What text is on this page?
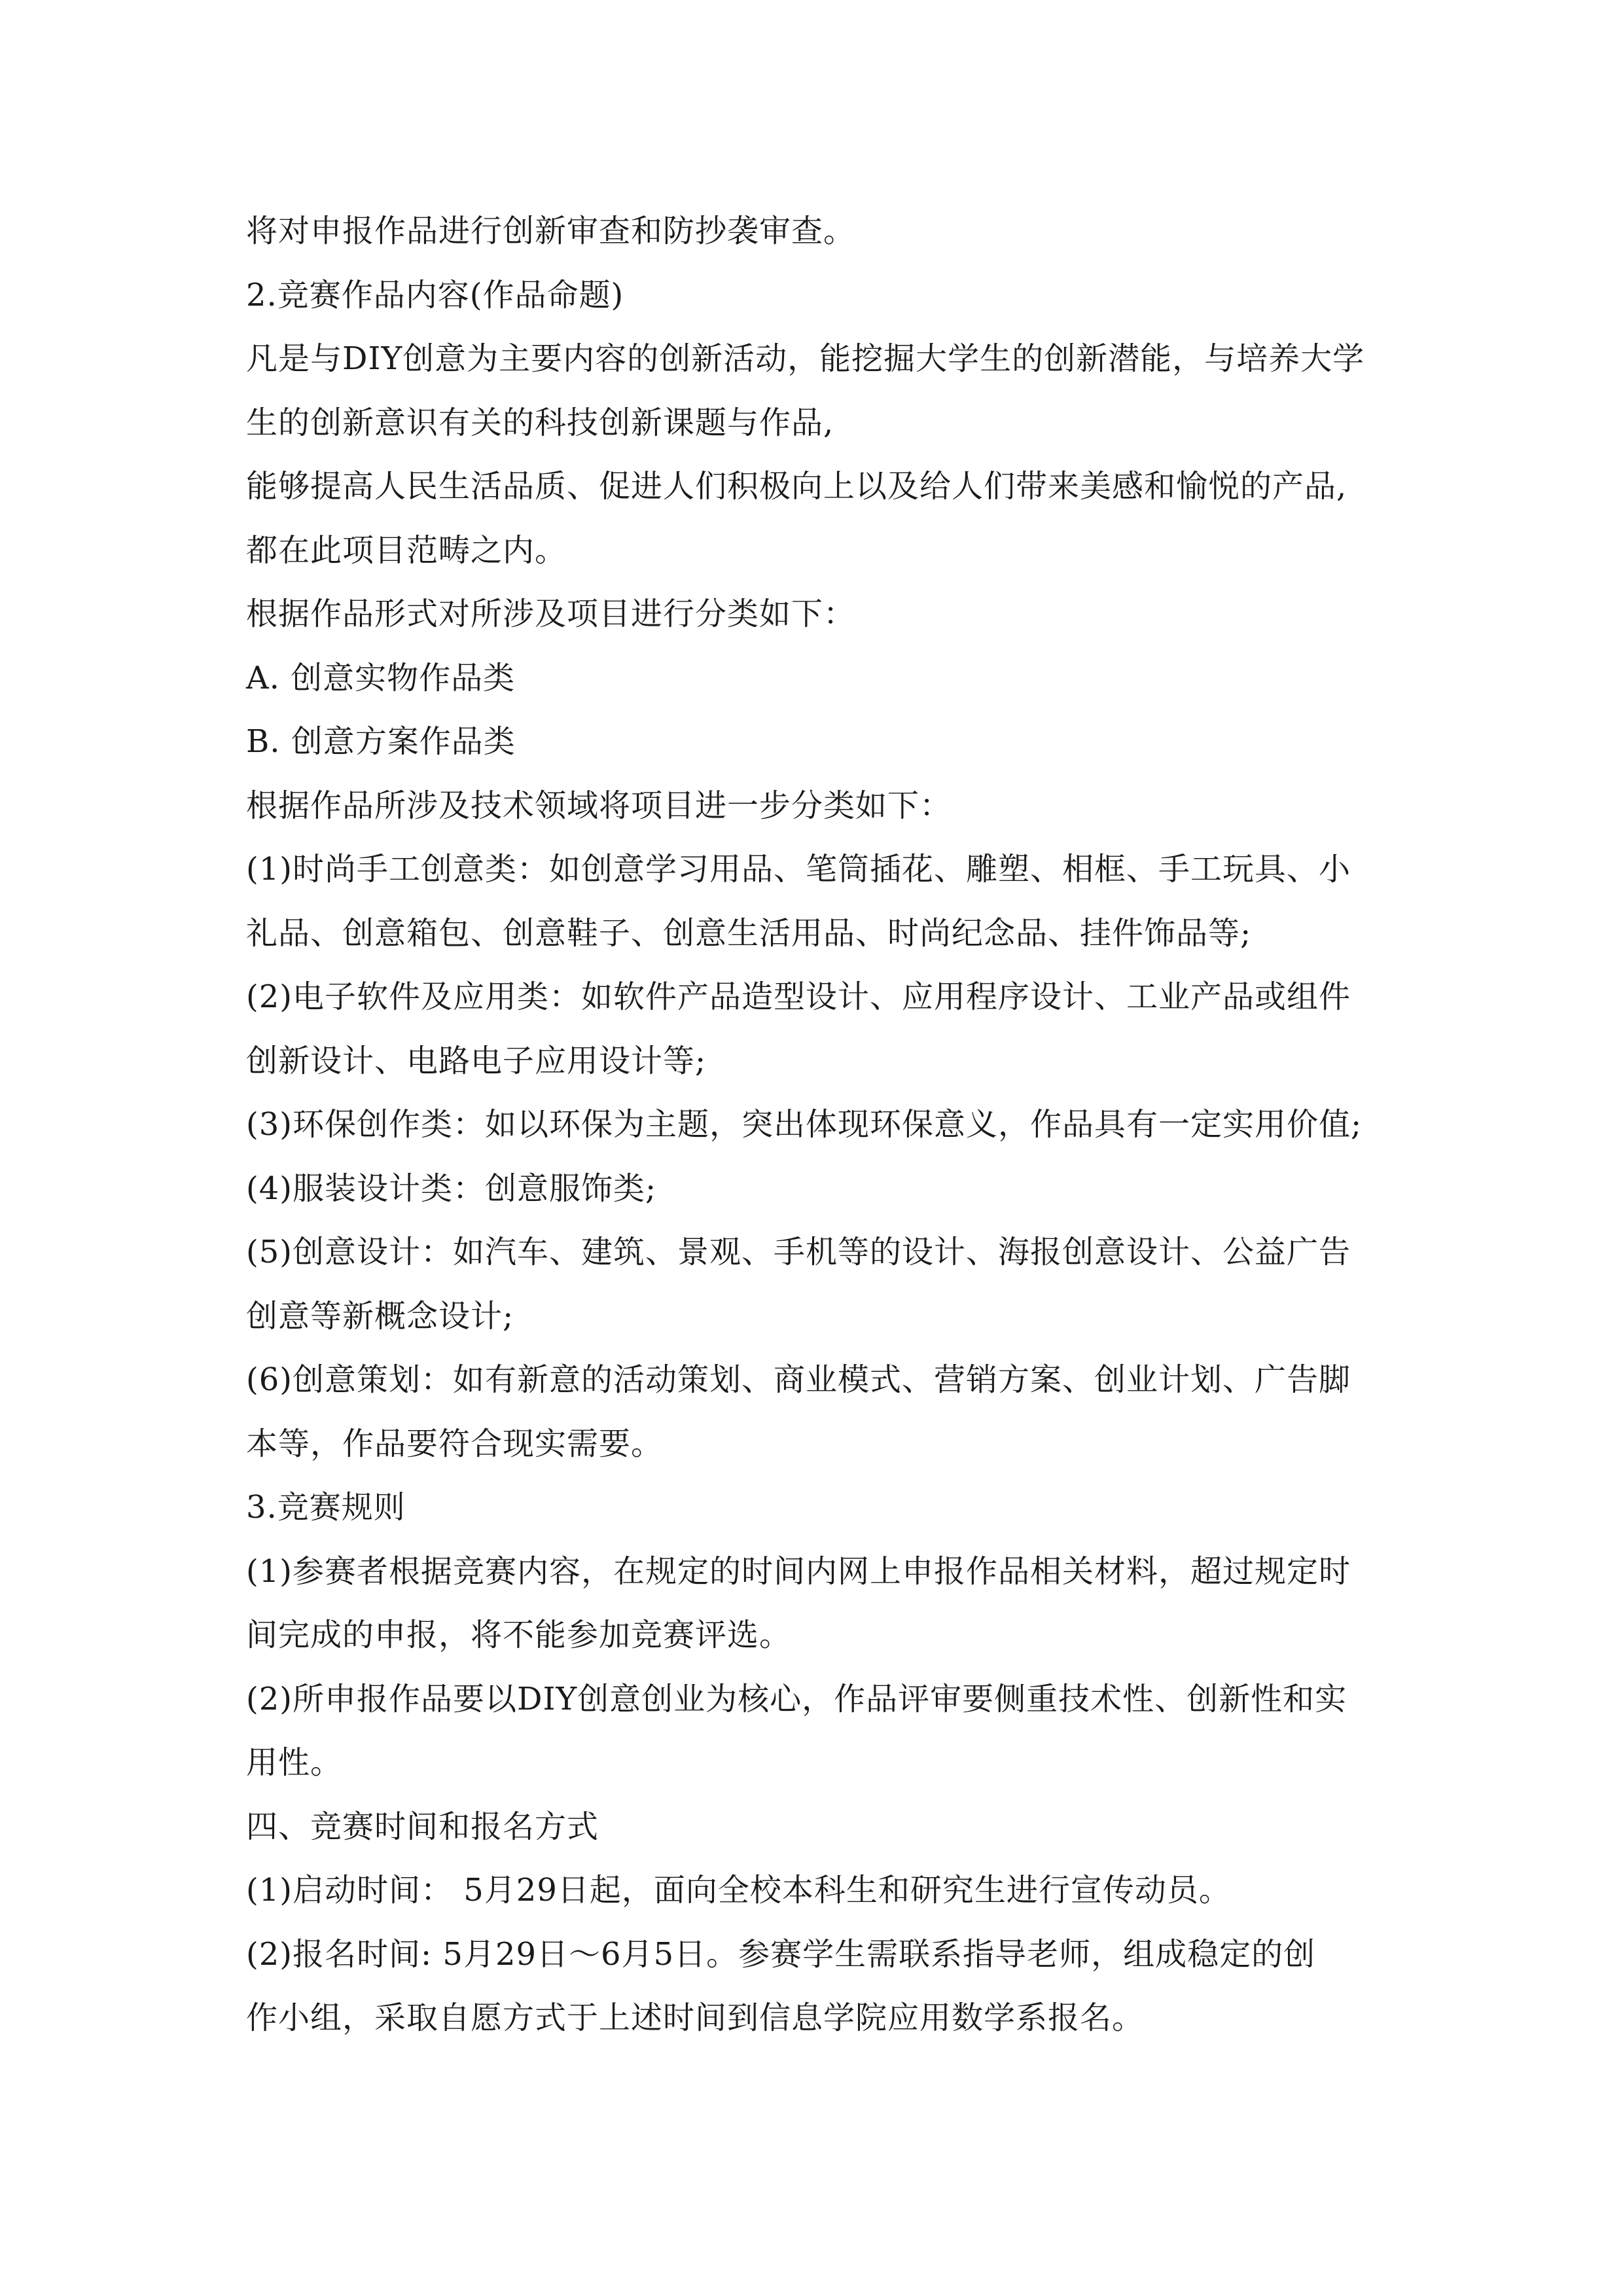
将对申报作品进行创新审查和防抄袭审查。
2.竞赛作品内容(作品命题)
凡是与DIY创意为主要内容的创新活动，能挖掘大学生的创新潜能，与培养大学
生的创新意识有关的科技创新课题与作品,
能够提高人民生活品质、促进人们积极向上以及给人们带来美感和愉悦的产品,
都在此项目范畴之内。
根据作品形式对所涉及项目进行分类如下：
A. 创意实物作品类
B. 创意方案作品类
根据作品所涉及技术领域将项目进一步分类如下：
(1)时尚手工创意类：如创意学习用品、笔筒插花、雕塑、相框、手工玩具、小
礼品、创意箱包、创意鞋子、创意生活用品、时尚纪念品、挂件饰品等;
(2)电子软件及应用类：如软件产品造型设计、应用程序设计、工业产品或组件
创新设计、电路电子应用设计等;
(3)环保创作类：如以环保为主题，突出体现环保意义，作品具有一定实用价值;
(4)服装设计类：创意服饰类;
(5)创意设计：如汽车、建筑、景观、手机等的设计、海报创意设计、公益广告
创意等新概念设计;
(6)创意策划：如有新意的活动策划、商业模式、营销方案、创业计划、广告脚
本等，作品要符合现实需要。
3.竞赛规则
(1)参赛者根据竞赛内容，在规定的时间内网上申报作品相关材料，超过规定时
间完成的申报，将不能参加竞赛评选。
(2)所申报作品要以DIY创意创业为核心，作品评审要侧重技术性、创新性和实
用性。
四、竞赛时间和报名方式
(1)启动时间： 5月29日起，面向全校本科生和研究生进行宣传动员。
(2)报名时间: 5月29日～6月5日。参赛学生需联系指导老师，组成稳定的创
作小组，采取自愿方式于上述时间到信息学院应用数学系报名。
